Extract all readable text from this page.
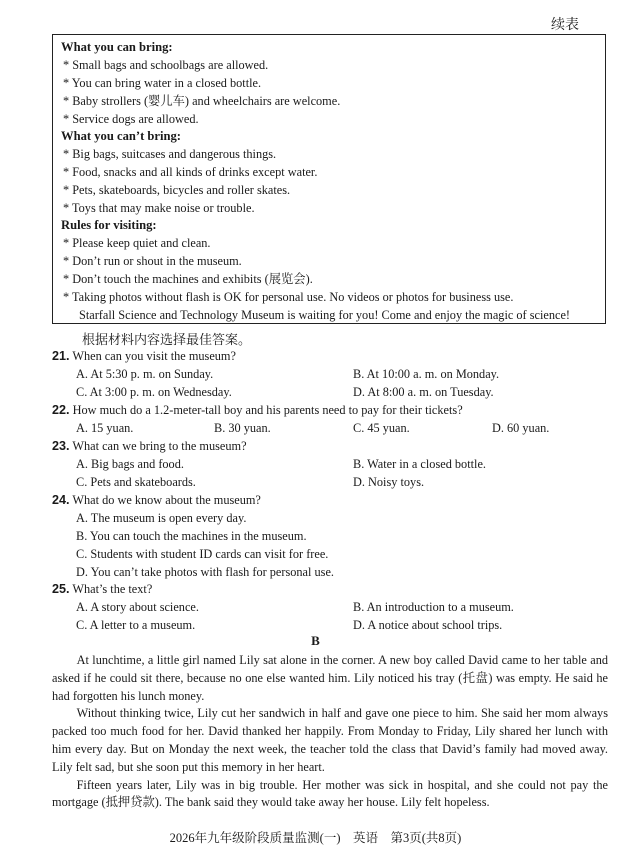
续表
What you can bring:
* Small bags and schoolbags are allowed.
* You can bring water in a closed bottle.
* Baby strollers (婴儿车) and wheelchairs are welcome.
* Service dogs are allowed.
What you can’t bring:
* Big bags, suitcases and dangerous things.
* Food, snacks and all kinds of drinks except water.
* Pets, skateboards, bicycles and roller skates.
* Toys that may make noise or trouble.
Rules for visiting:
* Please keep quiet and clean.
* Don’t run or shout in the museum.
* Don’t touch the machines and exhibits (展览会).
* Taking photos without flash is OK for personal use. No videos or photos for business use.
Starfall Science and Technology Museum is waiting for you! Come and enjoy the magic of science!
根据材料内容选择最佳答案。
21. When can you visit the museum?
A. At 5:30 p. m. on Sunday.	B. At 10:00 a. m. on Monday.
C. At 3:00 p. m. on Wednesday.	D. At 8:00 a. m. on Tuesday.
22. How much do a 1.2-meter-tall boy and his parents need to pay for their tickets?
A. 15 yuan.	B. 30 yuan.	C. 45 yuan.	D. 60 yuan.
23. What can we bring to the museum?
A. Big bags and food.	B. Water in a closed bottle.
C. Pets and skateboards.	D. Noisy toys.
24. What do we know about the museum?
A. The museum is open every day.
B. You can touch the machines in the museum.
C. Students with student ID cards can visit for free.
D. You can’t take photos with flash for personal use.
25. What’s the text?
A. A story about science.	B. An introduction to a museum.
C. A letter to a museum.	D. A notice about school trips.
B

At lunchtime, a little girl named Lily sat alone in the corner. A new boy called David came to her table and asked if he could sit there, because no one else wanted him. Lily noticed his tray (托盘) was empty. He said he had forgotten his lunch money.

Without thinking twice, Lily cut her sandwich in half and gave one piece to him. She said her mom always packed too much food for her. David thanked her happily. From Monday to Friday, Lily shared her lunch with him every day. But on Monday the next week, the teacher told the class that David’s family had moved away. Lily felt sad, but she soon put this memory in her heart.

Fifteen years later, Lily was in big trouble. Her mother was sick in hospital, and she could not pay the mortgage (抵押贷款). The bank said they would take away her house. Lily felt hopeless.

2026年九年级阶段质量监测(一)　英语　第3页(共8页)
